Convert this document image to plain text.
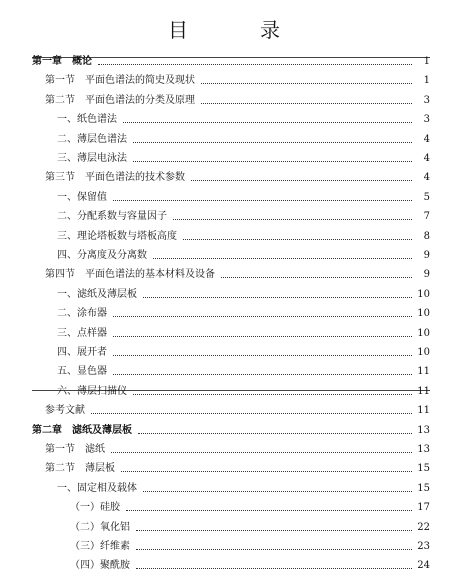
目　录
第一章　概论	1
第一节　平面色谱法的简史及现状	1
第二节　平面色谱法的分类及原理	3
一、纸色谱法	3
二、薄层色谱法	4
三、薄层电泳法	4
第三节　平面色谱法的技术参数	4
一、保留值	5
二、分配系数与容量因子	7
三、理论塔板数与塔板高度	8
四、分离度及分离数	9
第四节　平面色谱法的基本材料及设备	9
一、滤纸及薄层板	10
二、涂布器	10
三、点样器	10
四、展开者	10
五、显色器	11
六、薄层扫描仪	11
参考文献	11
第二章　滤纸及薄层板	13
第一节　滤纸	13
第二节　薄层板	15
一、固定相及载体	15
（一）硅胶	17
（二）氧化铝	22
（三）纤维素	23
（四）聚酰胺	24
